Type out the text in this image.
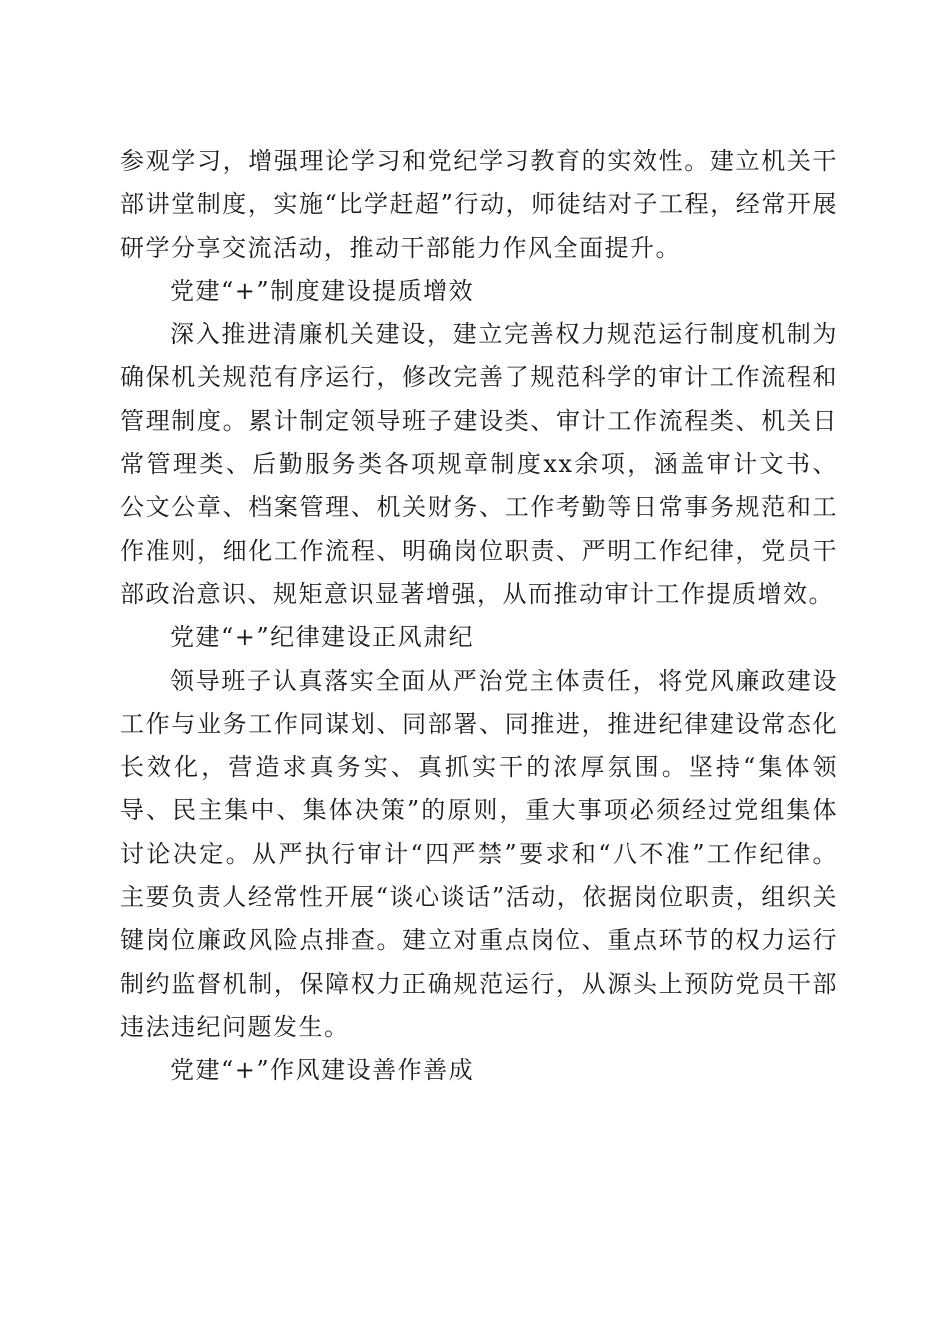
参观学习，增强理论学习和党纪学习教育的实效性。建立机关干部讲堂制度，实施“比学赶超”行动，师徒结对子工程，经常开展研学分享交流活动，推动干部能力作风全面提升。

党建“+”制度建设提质增效

深入推进清廉机关建设，建立完善权力规范运行制度机制为确保机关规范有序运行，修改完善了规范科学的审计工作流程和管理制度。累计制定领导班子建设类、审计工作流程类、机关日常管理类、后勤服务类各项规章制度xx余项，涵盖审计文书、公文公章、档案管理、机关财务、工作考勤等日常事务规范和工作准则，细化工作流程、明确岗位职责、严明工作纪律，党员干部政治意识、规矩意识显著增强，从而推动审计工作提质增效。

党建“+”纪律建设正风肃纪

领导班子认真落实全面从严治党主体责任，将党风廉政建设工作与业务工作同谋划、同部署、同推进，推进纪律建设常态化长效化，营造求真务实、真抓实干的浓厚氛围。坚持“集体领导、民主集中、集体决策”的原则，重大事项必须经过党组集体讨论决定。从严执行审计“四严禁”要求和“八不准”工作纪律。主要负责人经常性开展“谈心谈话”活动，依据岗位职责，组织关键岗位廉政风险点排查。建立对重点岗位、重点环节的权力运行制约监督机制，保障权力正确规范运行，从源头上预防党员干部违法违纪问题发生。

党建“+”作风建设善作善成
